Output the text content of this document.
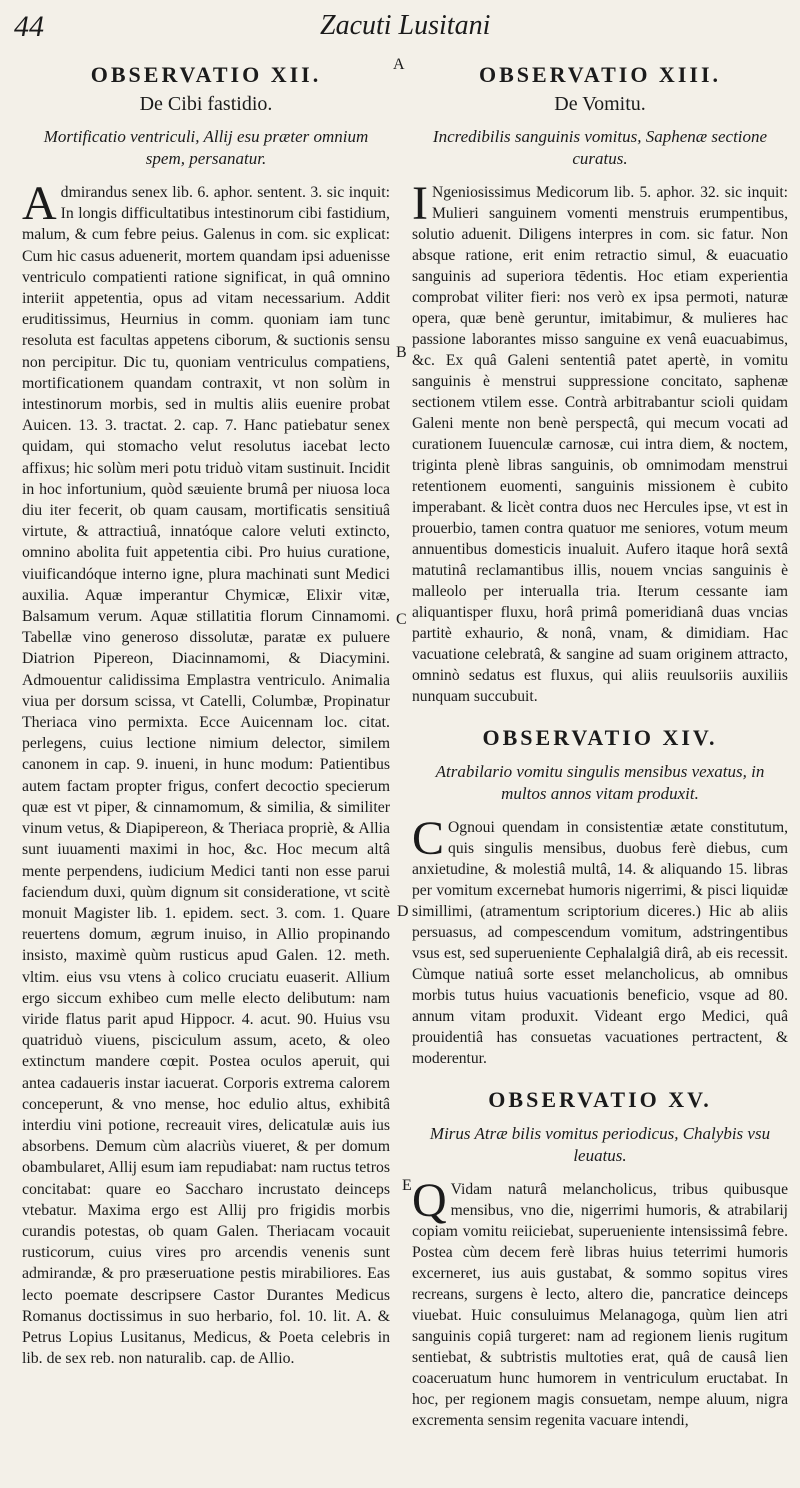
44	Zacuti Lusitani
A
B
C
D
E
OBSERVATIO XII.
De Cibi fastidio.
Mortificatio ventriculi, Allij esu præter omnium spem, persanatur.

Admirandus senex lib. 6. aphor. sentent. 3. sic inquit: In longis difficultatibus intestinorum cibi fastidium, malum, & cum febre peius. Galenus in com. sic explicat: Cum hic casus aduenerit, mortem quandam ipsi aduenisse ventriculo compatienti ratione significat, in quâ omnino interiit appetentia, opus ad vitam necessarium. Addit eruditissimus, Heurnius in comm. quoniam iam tunc resoluta est facultas appetens ciborum, & suctionis sensu non percipitur. Dic tu, quoniam ventriculus compatiens, mortificationem quandam contraxit, vt non solùm in intestinorum morbis, sed in multis aliis euenire probat Auicen. 13. 3. tractat. 2. cap. 7. Hanc patiebatur senex quidam, qui stomacho velut resolutus iacebat lecto affixus; hic solùm meri potu triduò vitam sustinuit. Incidit in hoc infortunium, quòd sæuiente brumâ per niuosa loca diu iter fecerit, ob quam causam, mortificatis sensitiuâ virtute, & attractiuâ, innatóque calore veluti extincto, omnino abolita fuit appetentia cibi. Pro huius curatione, viuificandóque interno igne, plura machinati sunt Medici auxilia. Aquæ imperantur Chymicæ, Elixir vitæ, Balsamum verum. Aquæ stillatitia florum Cinnamomi. Tabellæ vino generoso dissolutæ, paratæ ex puluere Diatrion Pipereon, Diacinnamomi, & Diacymini. Admouentur calidissima Emplastra ventriculo. Animalia viua per dorsum scissa, vt Catelli, Columbæ, Propinatur Theriaca vino permixta. Ecce Auicennam loc. citat. perlegens, cuius lectione nimium delector, similem canonem in cap. 9. inueni, in hunc modum: Patientibus autem factam propter frigus, confert decoctio specierum quæ est vt piper, & cinnamomum, & similia, & similiter vinum vetus, & Diapipereon, & Theriaca propriè, & Allia sunt iuuamenti maximi in hoc, &c. Hoc mecum altâ mente perpendens, iudicium Medici tanti non esse parui faciendum duxi, quùm dignum sit consideratione, vt scitè monuit Magister lib. 1. epidem. sect. 3. com. 1. Quare reuertens domum, ægrum inuiso, in Allio propinando insisto, maximè quùm rusticus apud Galen. 12. meth. vltim. eius vsu vtens à colico cruciatu euaserit. Allium ergo siccum exhibeo cum melle electo delibutum: nam viride flatus parit apud Hippocr. 4. acut. 90. Huius vsu quatriduò viuens, pisciculum assum, aceto, & oleo extinctum mandere cœpit. Postea oculos aperuit, qui antea cadaueris instar iacuerat. Corporis extrema calorem conceperunt, & vno mense, hoc edulio altus, exhibitâ interdiu vini potione, recreauit vires, delicatulæ auis ius absorbens. Demum cùm alacriùs viueret, & per domum obambularet, Allij esum iam repudiabat: nam ructus tetros concitabat: quare eo Saccharo incrustato deinceps vtebatur. Maxima ergo est Allij pro frigidis morbis curandis potestas, ob quam Galen. Theriacam vocauit rusticorum, cuius vires pro arcendis venenis sunt admirandæ, & pro præseruatione pestis mirabiliores. Eas lecto poemate descripsere Castor Durantes Medicus Romanus doctissimus in suo herbario, fol. 10. lit. A. & Petrus Lopius Lusitanus, Medicus, & Poeta celebris in lib. de sex reb. non naturalib. cap. de Allio.

OBSERVATIO XIII.
De Vomitu.
Incredibilis sanguinis vomitus, Saphenæ sectione curatus.

I Ngeniosissimus Medicorum lib. 5. aphor. 32. sic inquit: Mulieri sanguinem vomenti menstruis erumpentibus, solutio aduenit. Diligens interpres in com. sic fatur. Non absque ratione, erit enim retractio simul, & euacuatio sanguinis ad superiora tēdentis. Hoc etiam experientia comprobat viliter fieri: nos verò ex ipsa permoti, naturæ opera, quæ benè geruntur, imitabimur, & mulieres hac passione laborantes misso sanguine ex venâ euacuabimus, &c. Ex quâ Galeni sententiâ patet apertè, in vomitu sanguinis è menstrui suppressione concitato, saphenæ sectionem vtilem esse. Contrà arbitrabantur scioli quidam Galeni mente non benè perspectâ, qui mecum vocati ad curationem Iuuenculæ carnosæ, cui intra diem, & noctem, triginta plenè libras sanguinis, ob omnimodam menstrui retentionem euomenti, sanguinis missionem è cubito imperabant. & licèt contra duos nec Hercules ipse, vt est in prouerbio, tamen contra quatuor me seniores, votum meum annuentibus domesticis inualuit. Aufero itaque horâ sextâ matutinâ reclamantibus illis, nouem vncias sanguinis è malleolo per interualla tria. Iterum cessante iam aliquantisper fluxu, horâ primâ pomeridianâ duas vncias partitè exhaurio, & nonâ, vnam, & dimidiam. Hac vacuatione celebratâ, & sangine ad suam originem attracto, omninò sedatus est fluxus, qui aliis reuulsoriis auxiliis nunquam succubuit.

OBSERVATIO XIV.
Atrabilario vomitu singulis mensibus vexatus, in multos annos vitam produxit.

C Ognoui quendam in consistentiæ ætate constitutum, quis singulis mensibus, duobus ferè diebus, cum anxietudine, & molestiâ multâ, 14. & aliquando 15. libras per vomitum excernebat humoris nigerrimi, & pisci liquidæ simillimi, (atramentum scriptorium diceres.) Hic ab aliis persuasus, ad compescendum vomitum, adstringentibus vsus est, sed superueniente Cephalalgiâ dirâ, ab eis recessit. Cùmque natiuâ sorte esset melancholicus, ab omnibus morbis tutus huius vacuationis beneficio, vsque ad 80. annum vitam produxit. Videant ergo Medici, quâ prouidentiâ has consuetas vacuationes pertractent, & moderentur.

OBSERVATIO XV.
Mirus Atræ bilis vomitus periodicus, Chalybis vsu leuatus.

Q Vidam naturâ melancholicus, tribus quibusque mensibus, vno die, nigerrimi humoris, & atrabilarij copiam vomitu reiiciebat, superueniente intensissimâ febre. Postea cùm decem ferè libras huius teterrimi humoris excerneret, ius auis gustabat, & sommo sopitus vires recreans, surgens è lecto, altero die, pancratice deinceps viuebat. Huic consuluimus Melanagoga, quùm lien atri sanguinis copiâ turgeret: nam ad regionem lienis rugitum sentiebat, & subtristis multoties erat, quâ de causâ lien coaceruatum hunc humorem in ventriculum eructabat. In hoc, per regionem magis consuetam, nempe aluum, nigra excrementa sensim regenita vacuare intendi,
